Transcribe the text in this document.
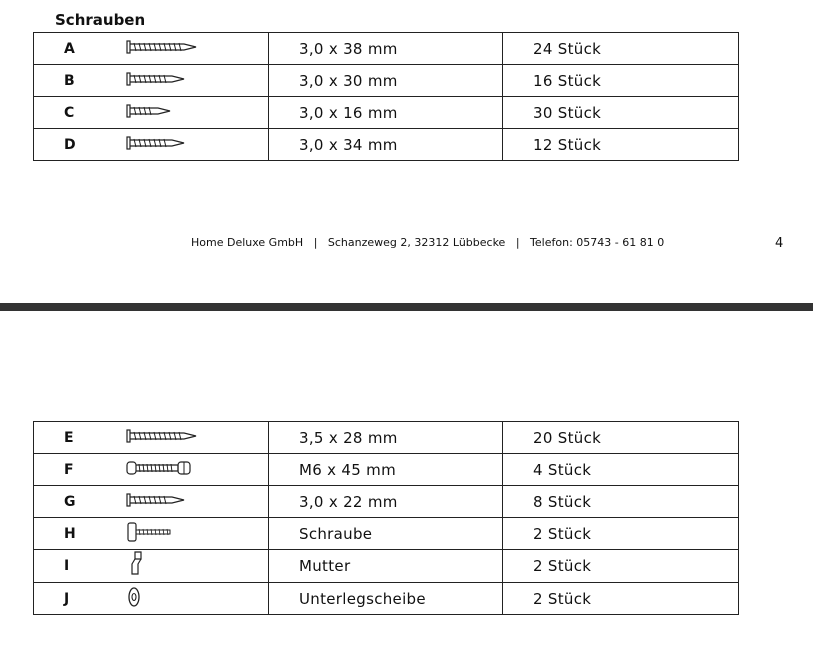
Schrauben
A	3,0 x 38 mm	24 Stück
B	3,0 x 30 mm	16 Stück
C	3,0 x 16 mm	30 Stück
D	3,0 x 34 mm	12 Stück
Home Deluxe GmbH | Schanzeweg 2, 32312 Lübbecke | Telefon: 05743 - 61 81 0	4
E	3,5 x 28 mm	20 Stück
F	M6 x 45 mm	4 Stück
G	3,0 x 22 mm	8 Stück
H	Schraube	2 Stück
I	Mutter	2 Stück
J	Unterlegscheibe	2 Stück
